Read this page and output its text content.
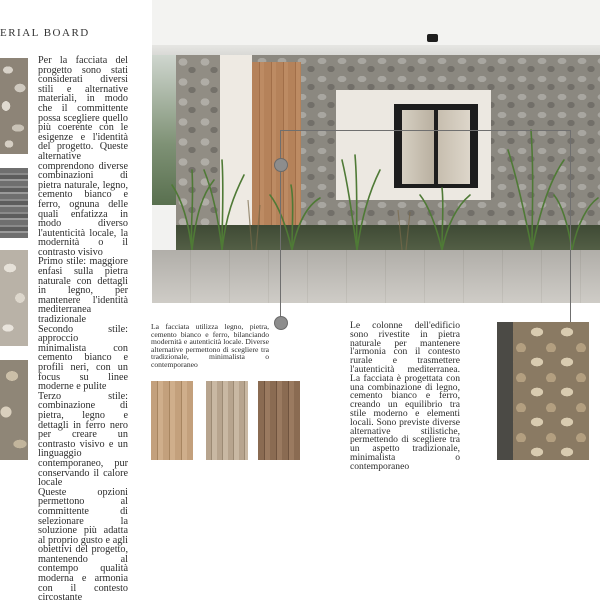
ERIAL BOARD

Per la facciata del progetto sono stati considerati diversi stili e alternative materiali, in modo che il committente possa scegliere quello più coerente con le esigenze e l'identità del progetto. Queste alternative comprendono diverse combinazioni di pietra naturale, legno, cemento bianco e ferro, ognuna delle quali enfatizza in modo diverso l'autenticità locale, la modernità o il contrasto visivo

Primo stile: maggiore enfasi sulla pietra naturale con dettagli in legno, per mantenere l'identità mediterranea tradizionale

Secondo stile: approccio minimalista con cemento bianco e profili neri, con un focus su linee moderne e pulite

Terzo stile: combinazione di pietra, legno e dettagli in ferro nero per creare un contrasto visivo e un linguaggio contemporaneo, pur conservando il calore locale

Queste opzioni permettono al committente di selezionare la soluzione più adatta al proprio gusto e agli obiettivi del progetto, mantenendo al contempo qualità moderna e armonia con il contesto circostante

La facciata utilizza legno, pietra, cemento bianco e ferro, bilanciando modernità e autenticità locale. Diverse alternative permettono di scegliere tra tradizionale, minimalista o contemporaneo
Le colonne dell'edificio sono rivestite in pietra naturale per mantenere l'armonia con il contesto rurale e trasmettere l'autenticità mediterranea. La facciata è progettata con una combinazione di legno, cemento bianco e ferro, creando un equilibrio tra stile moderno e elementi locali. Sono previste diverse alternative stilistiche, permettendo di scegliere tra un aspetto tradizionale, minimalista o contemporaneo
